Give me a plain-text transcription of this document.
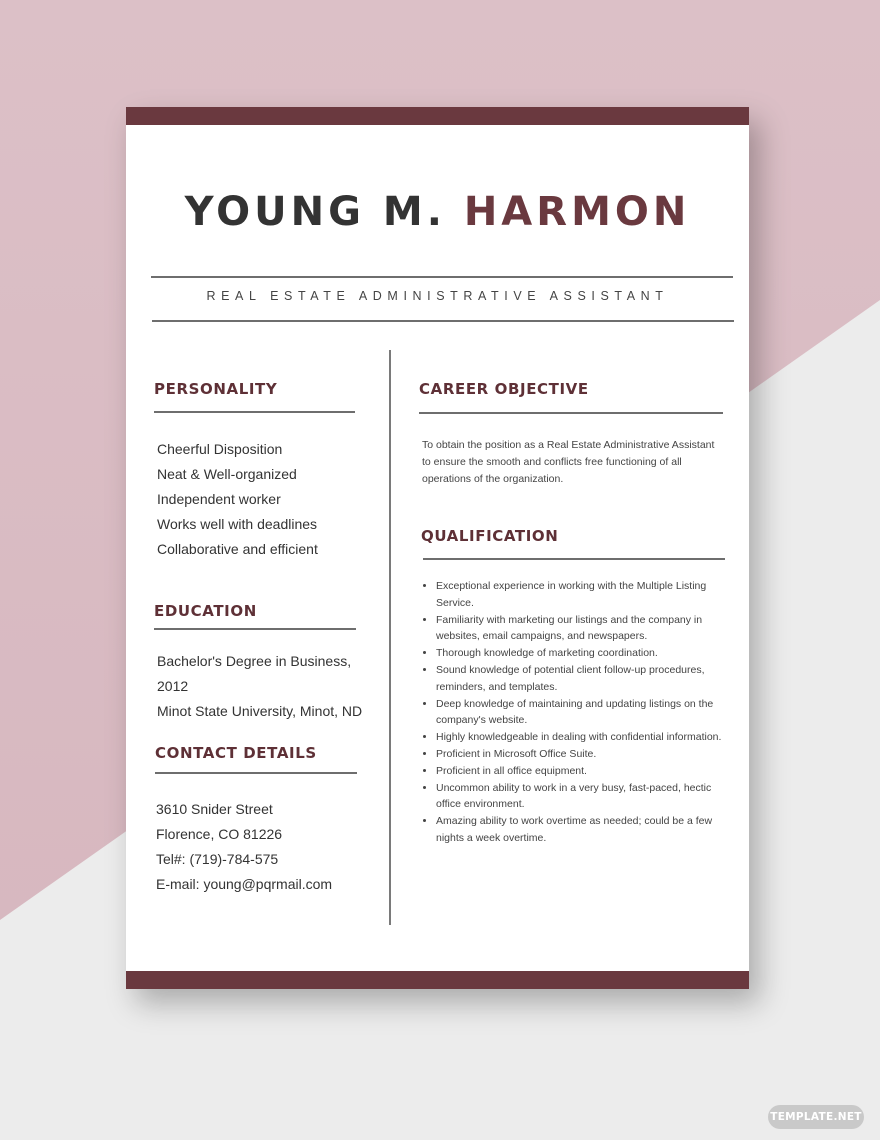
YOUNG M. HARMON
REAL ESTATE ADMINISTRATIVE ASSISTANT
PERSONALITY
Cheerful Disposition
Neat & Well-organized
Independent worker
Works well with deadlines
Collaborative and efficient
EDUCATION
Bachelor's Degree in Business,
2012
Minot State University, Minot, ND
CONTACT DETAILS
3610 Snider Street
Florence, CO 81226
Tel#: (719)-784-575
E-mail: young@pqrmail.com
CAREER OBJECTIVE

To obtain the position as a Real Estate Administrative Assistant to ensure the smooth and conflicts free functioning of all operations of the organization.

QUALIFICATION
• Exceptional experience in working with the Multiple Listing Service.
• Familiarity with marketing our listings and the company in websites, email campaigns, and newspapers.
• Thorough knowledge of marketing coordination.
• Sound knowledge of potential client follow-up procedures, reminders, and templates.
• Deep knowledge of maintaining and updating listings on the company's website.
• Highly knowledgeable in dealing with confidential information.
• Proficient in Microsoft Office Suite.
• Proficient in all office equipment.
• Uncommon ability to work in a very busy, fast-paced, hectic office environment.
• Amazing ability to work overtime as needed; could be a few nights a week overtime.
TEMPLATE.NET
